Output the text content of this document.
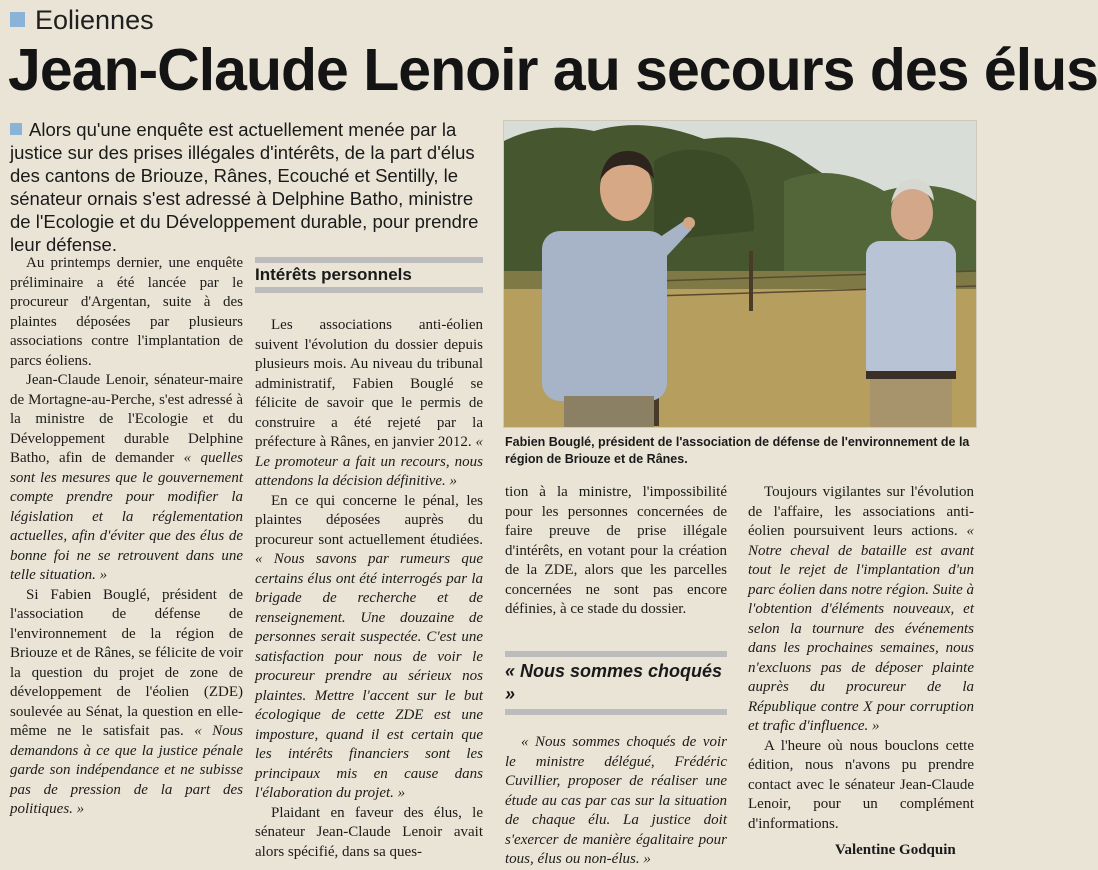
Eoliennes
Jean-Claude Lenoir au secours des élus

Alors qu'une enquête est actuellement menée par la justice sur des prises illégales d'intérêts, de la part d'élus des cantons de Briouze, Rânes, Ecouché et Sentilly, le sénateur ornais s'est adressé à Delphine Batho, ministre de l'Ecologie et du Développement durable, pour prendre leur défense.

Au printemps dernier, une enquête préliminaire a été lancée par le procureur d'Argentan, suite à des plaintes déposées par plusieurs associations contre l'implantation de parcs éoliens.

Jean-Claude Lenoir, sénateur-maire de Mortagne-au-Perche, s'est adressé à la ministre de l'Ecologie et du Développement durable Delphine Batho, afin de demander « quelles sont les mesures que le gouvernement compte prendre pour modifier la législation et la réglementation actuelles, afin d'éviter que des élus de bonne foi ne se retrouvent dans une telle situation. »

Si Fabien Bouglé, président de l'association de défense de l'environnement de la région de Briouze et de Rânes, se félicite de voir la question du projet de zone de développement de l'éolien (ZDE) soulevée au Sénat, la question en elle-même ne le satisfait pas. « Nous demandons à ce que la justice pénale garde son indépendance et ne subisse pas de pression de la part des politiques. »

Intérêts personnels

Les associations anti-éolien suivent l'évolution du dossier depuis plusieurs mois. Au niveau du tribunal administratif, Fabien Bouglé se félicite de savoir que le permis de construire a été rejeté par la préfecture à Rânes, en janvier 2012. « Le promoteur a fait un recours, nous attendons la décision définitive. »

En ce qui concerne le pénal, les plaintes déposées auprès du procureur sont actuellement étudiées. « Nous savons par rumeurs que certains élus ont été interrogés par la brigade de recherche et de renseignement. Une douzaine de personnes serait suspectée. C'est une satisfaction pour nous de voir le procureur prendre au sérieux nos plaintes. Mettre l'accent sur le but écologique de cette ZDE est une imposture, quand il est certain que les intérêts financiers sont les principaux mis en cause dans l'élaboration du projet. »

Plaidant en faveur des élus, le sénateur Jean-Claude Lenoir avait alors spécifié, dans sa ques-

Fabien Bouglé, président de l'association de défense de l'environnement de la région de Briouze et de Rânes.

tion à la ministre, l'impossibilité pour les personnes concernées de faire preuve de prise illégale d'intérêts, en votant pour la création de la ZDE, alors que les parcelles concernées ne sont pas encore définies, à ce stade du dossier.

« Nous sommes choqués »

« Nous sommes choqués de voir le ministre délégué, Frédéric Cuvillier, proposer de réaliser une étude au cas par cas sur la situation de chaque élu. La justice doit s'exercer de manière égalitaire pour tous, élus ou non-élus. »

Toujours vigilantes sur l'évolution de l'affaire, les associations anti-éolien poursuivent leurs actions. « Notre cheval de bataille est avant tout le rejet de l'implantation d'un parc éolien dans notre région. Suite à l'obtention d'éléments nouveaux, et selon la tournure des événements dans les prochaines semaines, nous n'excluons pas de déposer plainte auprès du procureur de la République contre X pour corruption et trafic d'influence. »

A l'heure où nous bouclons cette édition, nous n'avons pu prendre contact avec le sénateur Jean-Claude Lenoir, pour un complément d'informations.

Valentine Godquin
